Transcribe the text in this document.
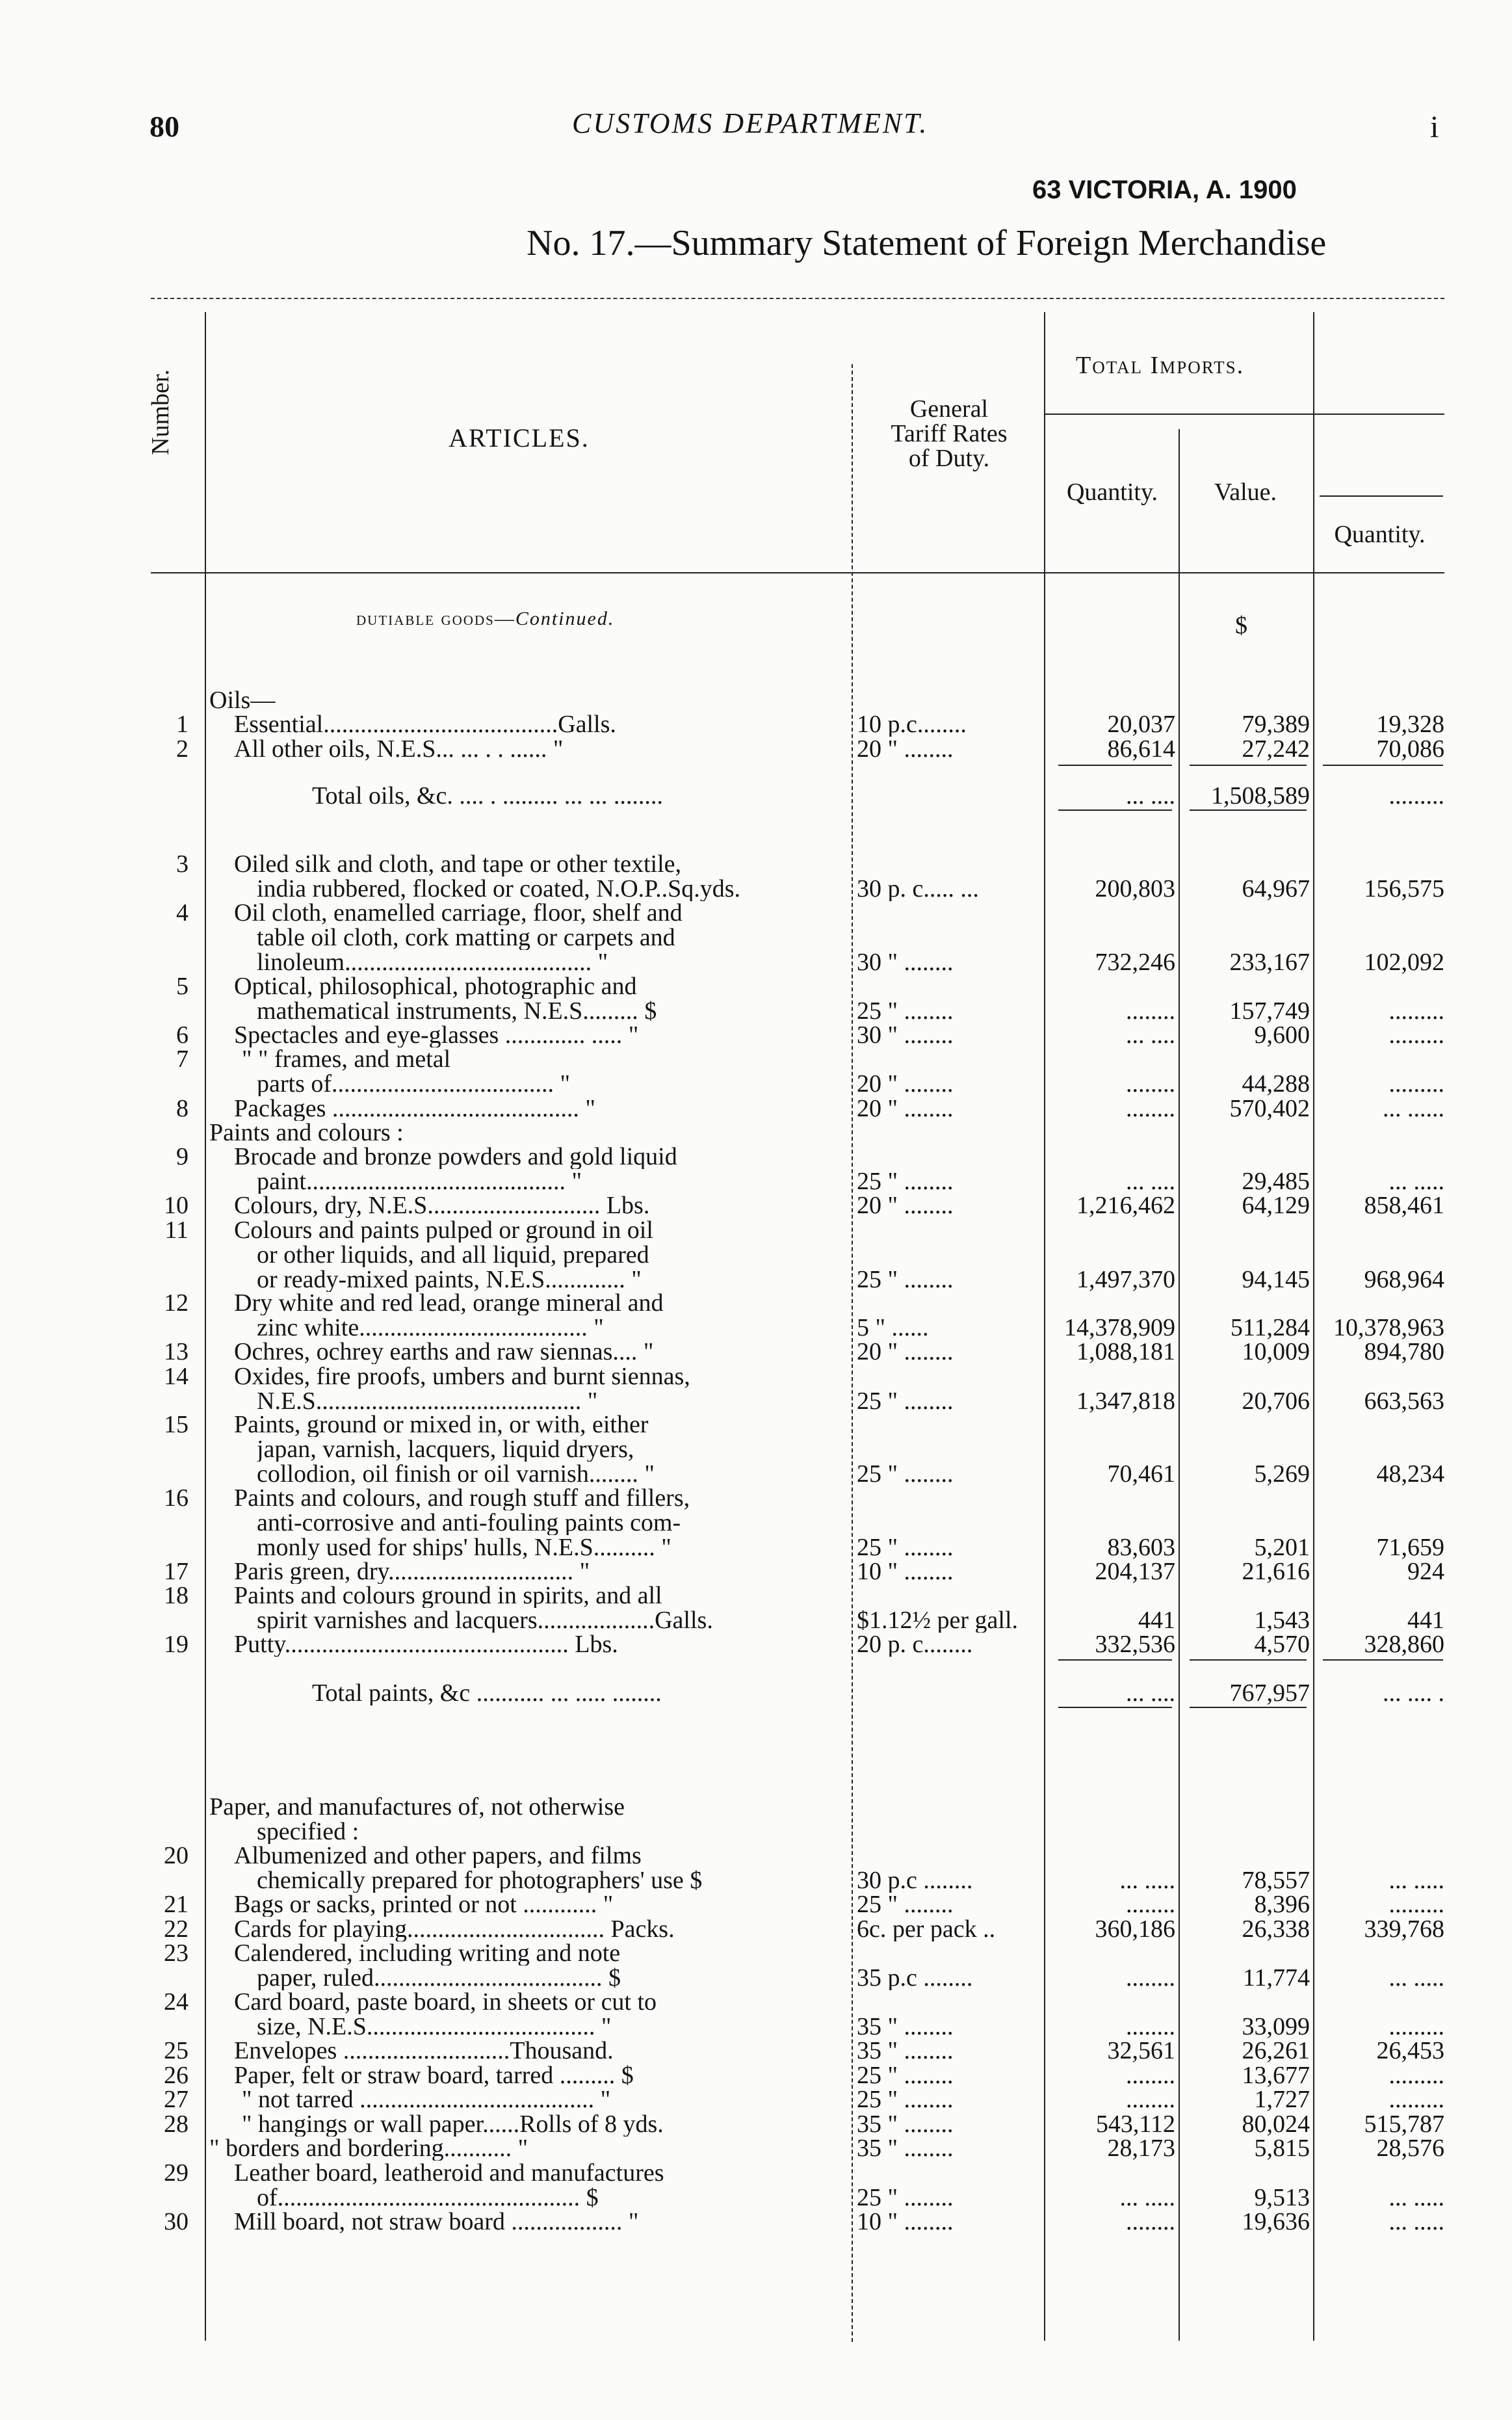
80	CUSTOMS DEPARTMENT.	i
63 VICTORIA, A. 1900
No. 17.—Summary Statement of Foreign Merchandise
Number.	ARTICLES.
General
Tariff Rates
of Duty.
Total Imports.
Quantity.	Value.
Quantity.
dutiable goods—Continued.	$
Oils—
1 Essential......................................Galls.	10 p.c........	20,037	79,389	19,328
2 All other oils, N.E.S... ... . . ...... "	20 " ........	86,614	27,242	70,086
Total oils, &c. .... . ......... ... ... ........	... ....	1,508,589	.........
3 Oiled silk and cloth, and tape or other textile,
india rubbered, flocked or coated, N.O.P..Sq.yds.	30 p. c..... ...	200,803	64,967	156,575
4 Oil cloth, enamelled carriage, floor, shelf and
table oil cloth, cork matting or carpets and
linoleum........................................ "	30 " ........	732,246	233,167	102,092
5 Optical, philosophical, photographic and
mathematical instruments, N.E.S......... $	25 " ........	........	157,749	.........
6 Spectacles and eye-glasses ............. ..... "	30 " ........	... ....	9,600	.........
7 " " frames, and metal
parts of.................................... "	20 " ........	........	44,288	.........
8 Packages ........................................ "	20 " ........	........	570,402	... ......
Paints and colours :
9 Brocade and bronze powders and gold liquid
paint.......................................... "	25 " ........	... ....	29,485	... .....
10 Colours, dry, N.E.S............................ Lbs.	20 " ........	1,216,462	64,129	858,461
11 Colours and paints pulped or ground in oil
or other liquids, and all liquid, prepared
or ready-mixed paints, N.E.S............. "	25 " ........	1,497,370	94,145	968,964
12 Dry white and red lead, orange mineral and
zinc white..................................... "	5 " ......	14,378,909	511,284 10,378,963
13 Ochres, ochrey earths and raw siennas.... "	20 " ........	1,088,181	10,009	894,780
14 Oxides, fire proofs, umbers and burnt siennas,
N.E.S........................................... "	25 " ........	1,347,818	20,706	663,563
15 Paints, ground or mixed in, or with, either
japan, varnish, lacquers, liquid dryers,
collodion, oil finish or oil varnish........ "	25 " ........	70,461	5,269	48,234
16 Paints and colours, and rough stuff and fillers,
anti-corrosive and anti-fouling paints com-
monly used for ships' hulls, N.E.S.......... "	25 " ........	83,603	5,201	71,659
17 Paris green, dry.............................. "	10 " ........	204,137	21,616	924
18 Paints and colours ground in spirits, and all
spirit varnishes and lacquers...................Galls.	$1.12½ per gall.	441	1,543	441
19 Putty.............................................. Lbs.	20 p. c........	332,536	4,570	328,860
Total paints, &c ........... ... ..... ........	... ....	767,957	... .... .
Paper, and manufactures of, not otherwise
specified :
20 Albumenized and other papers, and films
chemically prepared for photographers' use $	30 p.c ........	... .....	78,557	... .....
21 Bags or sacks, printed or not ............ "	25 " ........	........	8,396	.........
22 Cards for playing................................ Packs.	6c. per pack ..	360,186	26,338	339,768
23 Calendered, including writing and note
paper, ruled..................................... $	35 p.c ........	........	11,774	... .....
24 Card board, paste board, in sheets or cut to
size, N.E.S..................................... "	35 " ........	........	33,099	.........
25 Envelopes ...........................Thousand.	35 " ........	32,561	26,261	26,453
26 Paper, felt or straw board, tarred ......... $	25 " ........	........	13,677	.........
27 " not tarred ...................................... "	25 " ........	........	1,727	.........
28 " hangings or wall paper......Rolls of 8 yds.	35 " ........	543,112	80,024	515,787
" borders and bordering........... "	35 " ........	28,173	5,815	28,576
29 Leather board, leatheroid and manufactures
of................................................. $	25 " ........	... .....	9,513	... .....
30 Mill board, not straw board .................. "	10 " ........	........	19,636	... .....
